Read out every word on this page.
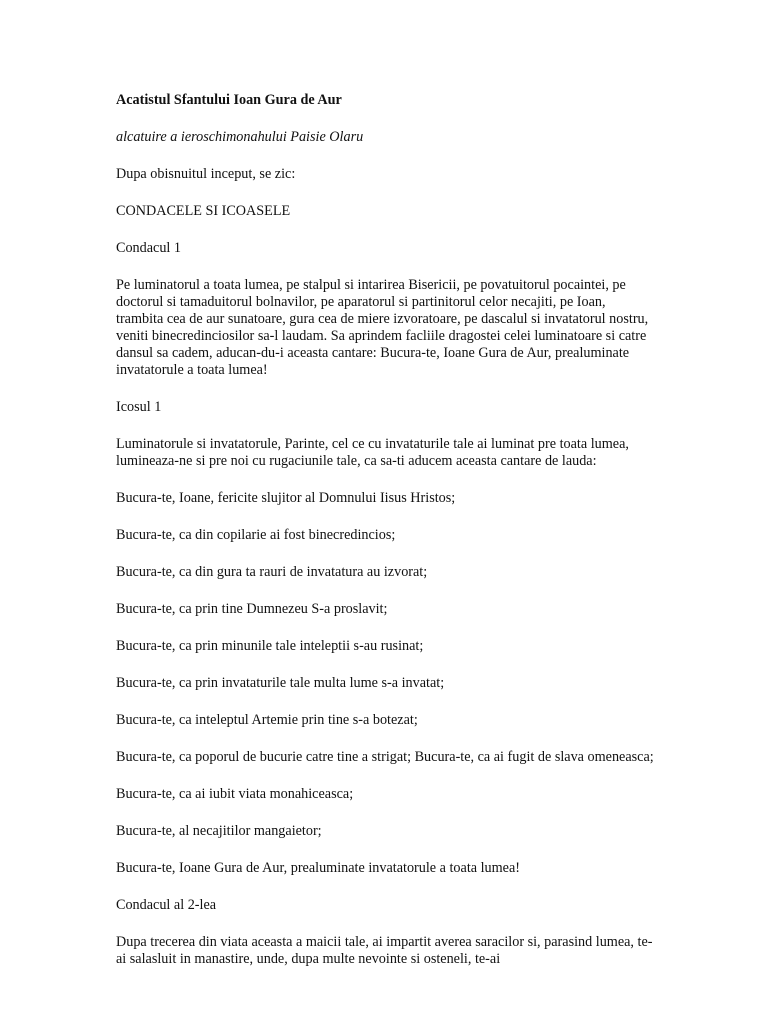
Acatistul Sfantului Ioan Gura de Aur

alcatuire a ieroschimonahului Paisie Olaru

Dupa obisnuitul inceput, se zic:

CONDACELE SI ICOASELE

Condacul 1

Pe luminatorul a toata lumea, pe stalpul si intarirea Bisericii, pe povatuitorul pocaintei, pe doctorul si tamaduitorul bolnavilor, pe aparatorul si partinitorul celor necajiti, pe Ioan, trambita cea de aur sunatoare, gura cea de miere izvoratoare, pe dascalul si invatatorul nostru, veniti binecredinciosilor sa-l laudam. Sa aprindem facliile dragostei celei luminatoare si catre dansul sa cadem, aducan-du-i aceasta cantare: Bucura-te, Ioane Gura de Aur, prealuminate invatatorule a toata lumea!

Icosul 1

Luminatorule si invatatorule, Parinte, cel ce cu invataturile tale ai luminat pre toata lumea, lumineaza-ne si pre noi cu rugaciunile tale, ca sa-ti aducem aceasta cantare de lauda:

Bucura-te, Ioane, fericite slujitor al Domnului Iisus Hristos;

Bucura-te, ca din copilarie ai fost binecredincios;

Bucura-te, ca din gura ta rauri de invatatura au izvorat;

Bucura-te, ca prin tine Dumnezeu S-a proslavit;

Bucura-te, ca prin minunile tale inteleptii s-au rusinat;

Bucura-te, ca prin invataturile tale multa lume s-a invatat;

Bucura-te, ca inteleptul Artemie prin tine s-a botezat;

Bucura-te, ca poporul de bucurie catre tine a strigat; Bucura-te, ca ai fugit de slava omeneasca;

Bucura-te, ca ai iubit viata monahiceasca;

Bucura-te, al necajitilor mangaietor;

Bucura-te, Ioane Gura de Aur, prealuminate invatatorule a toata lumea!

Condacul al 2-lea

Dupa trecerea din viata aceasta a maicii tale, ai impartit averea saracilor si, parasind lumea, te-ai salasluit in manastire, unde, dupa multe nevointe si osteneli, te-ai
